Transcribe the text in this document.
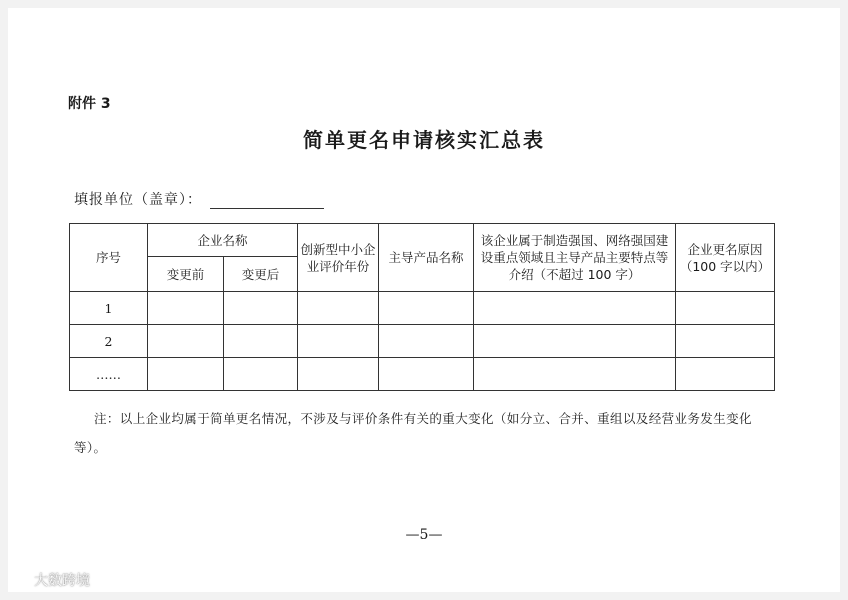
附件 3
简单更名申请核实汇总表
填报单位（盖章）：
序号	企业名称		创新型中小企业评价年份	主导产品名称	该企业属于制造强国、网络强国建设重点领域且主导产品主要特点等介绍（不超过 100 字）	企业更名原因（100 字以内）
	变更前	变更后				
1						
2						
……						
注：以上企业均属于简单更名情况，不涉及与评价条件有关的重大变化（如分立、合并、重组以及经营业务发生变化等）。
—5—
大数跨境
